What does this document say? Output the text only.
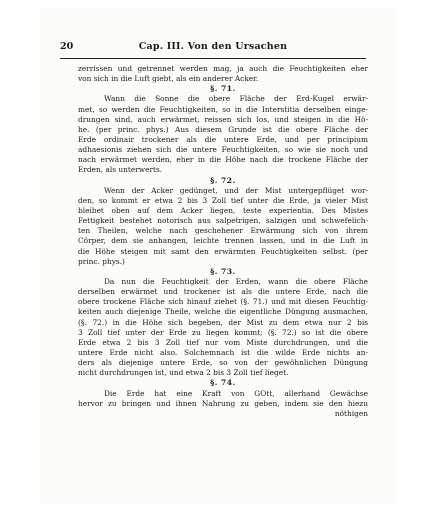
20	Cap. III. Von den Ursachen
zerrissen und getrennet werden mag, ja auch die Feuchtigkeiten eher
von sich in die Luft giebt, als ein anderer Acker.
§. 71.
Wann die Sonne die obere Fläche der Erd-Kugel erwär-
met, so werden die Feuchtigkeiten, so in die Interstitia derselben einge-
drungen sind, auch erwärmet, reissen sich los, und steigen in die Hö-
he. (per princ. phys.) Aus diesem Grunde ist die obere Fläche der
Erde ordinair trockener als die untere Erde, und per principium
adhaesionis ziehen sich die untere Feuchtigkeiten, so wie sie noch und
nach erwärmet werden, eher in die Höhe nach die trockene Fläche der
Erden, als unterwerts.
§. 72.
Wenn der Acker gedünget, und der Mist untergepflüget wor-
den, so kommt er etwa 2 bis 3 Zoll tief unter die Erde, ja vieler Mist
bleibet oben auf dem Acker liegen, teste experientia. Des Mistes
Fettigkeit bestehet notorisch aus salpetrigen, salzigen und schwefelich-
ten Theilen, welche nach geschehener Erwärmung sich von ihrem
Cörper, dem sie anhangen, leichte trennen lassen, und in die Luft in
die Höhe steigen mit samt den erwärmten Feuchtigkeiten selbst. (per
princ. phys.)
§. 73.
Da nun die Feuchtigkeit der Erden, wann die obere Fläche
derselben erwärmet und trockener ist als die untere Erde, nach die
obere trockene Fläche sich hinauf ziehet (§. 71.) und mit diesen Feuchtig-
keiten auch diejenige Theile, welche die eigentliche Düngung ausmachen,
(§. 72.) in die Höhe sich begeben, der Mist zu dem etwa nur 2 bis
3 Zoll tief unter der Erde zu liegen kommt; (§. 72.) so ist die obere
Erde etwa 2 bis 3 Zoll tief nur vom Miste durchdrungen, und die
untere Erde nicht also. Solchemnach ist die wilde Erde nichts an-
ders als diejenige untere Erde, so von der gewöhnlichen Düngung
nicht durchdrungen ist, und etwa 2 bis 3 Zoll tief lieget.
§. 74.
Die Erde hat eine Kraft von GOtt, allerhand Gewächse
hervor zu bringen und ihnen Nahrung zu geben, indem sie den hiezu
nöthigen
